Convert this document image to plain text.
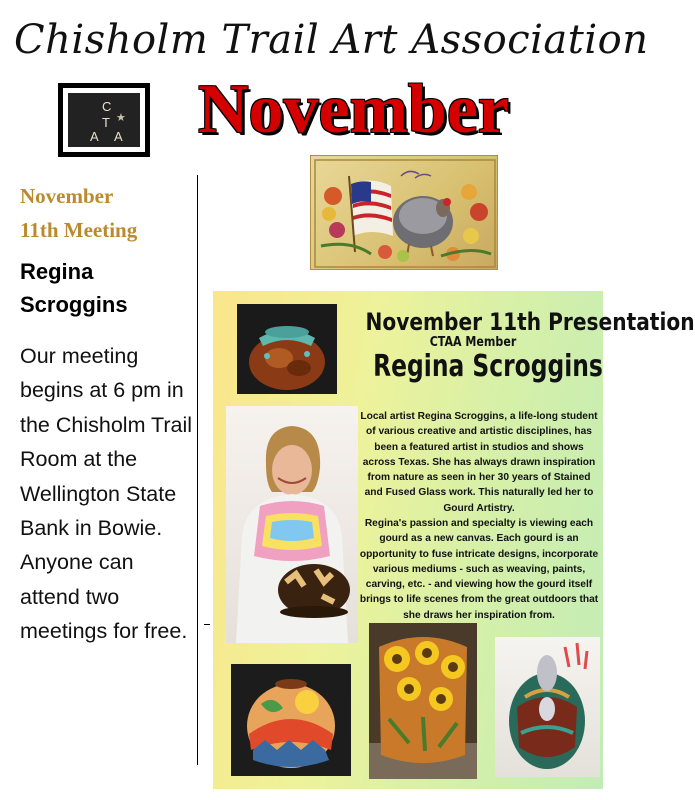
Chisholm Trail Art Association
C
T ★
A A November
November
11th Meeting
Regina
Scroggins
Our meeting begins at 6 pm in the Chisholm Trail Room at the Wellington State Bank in Bowie. Anyone can attend two meetings for free.
November 11th Presentation
CTAA Member
Regina Scroggins
Local artist Regina Scroggins, a life-long student of various creative and artistic disciplines, has been a featured artist in studios and shows across Texas. She has always drawn inspiration from nature as seen in her 30 years of Stained and Fused Glass work. This naturally led her to Gourd Artistry.
Regina's passion and specialty is viewing each gourd as a new canvas. Each gourd is an opportunity to fuse intricate designs, incorporate various mediums - such as weaving, paints, carving, etc. - and viewing how the gourd itself brings to life scenes from the great outdoors that she draws her inspiration from.
